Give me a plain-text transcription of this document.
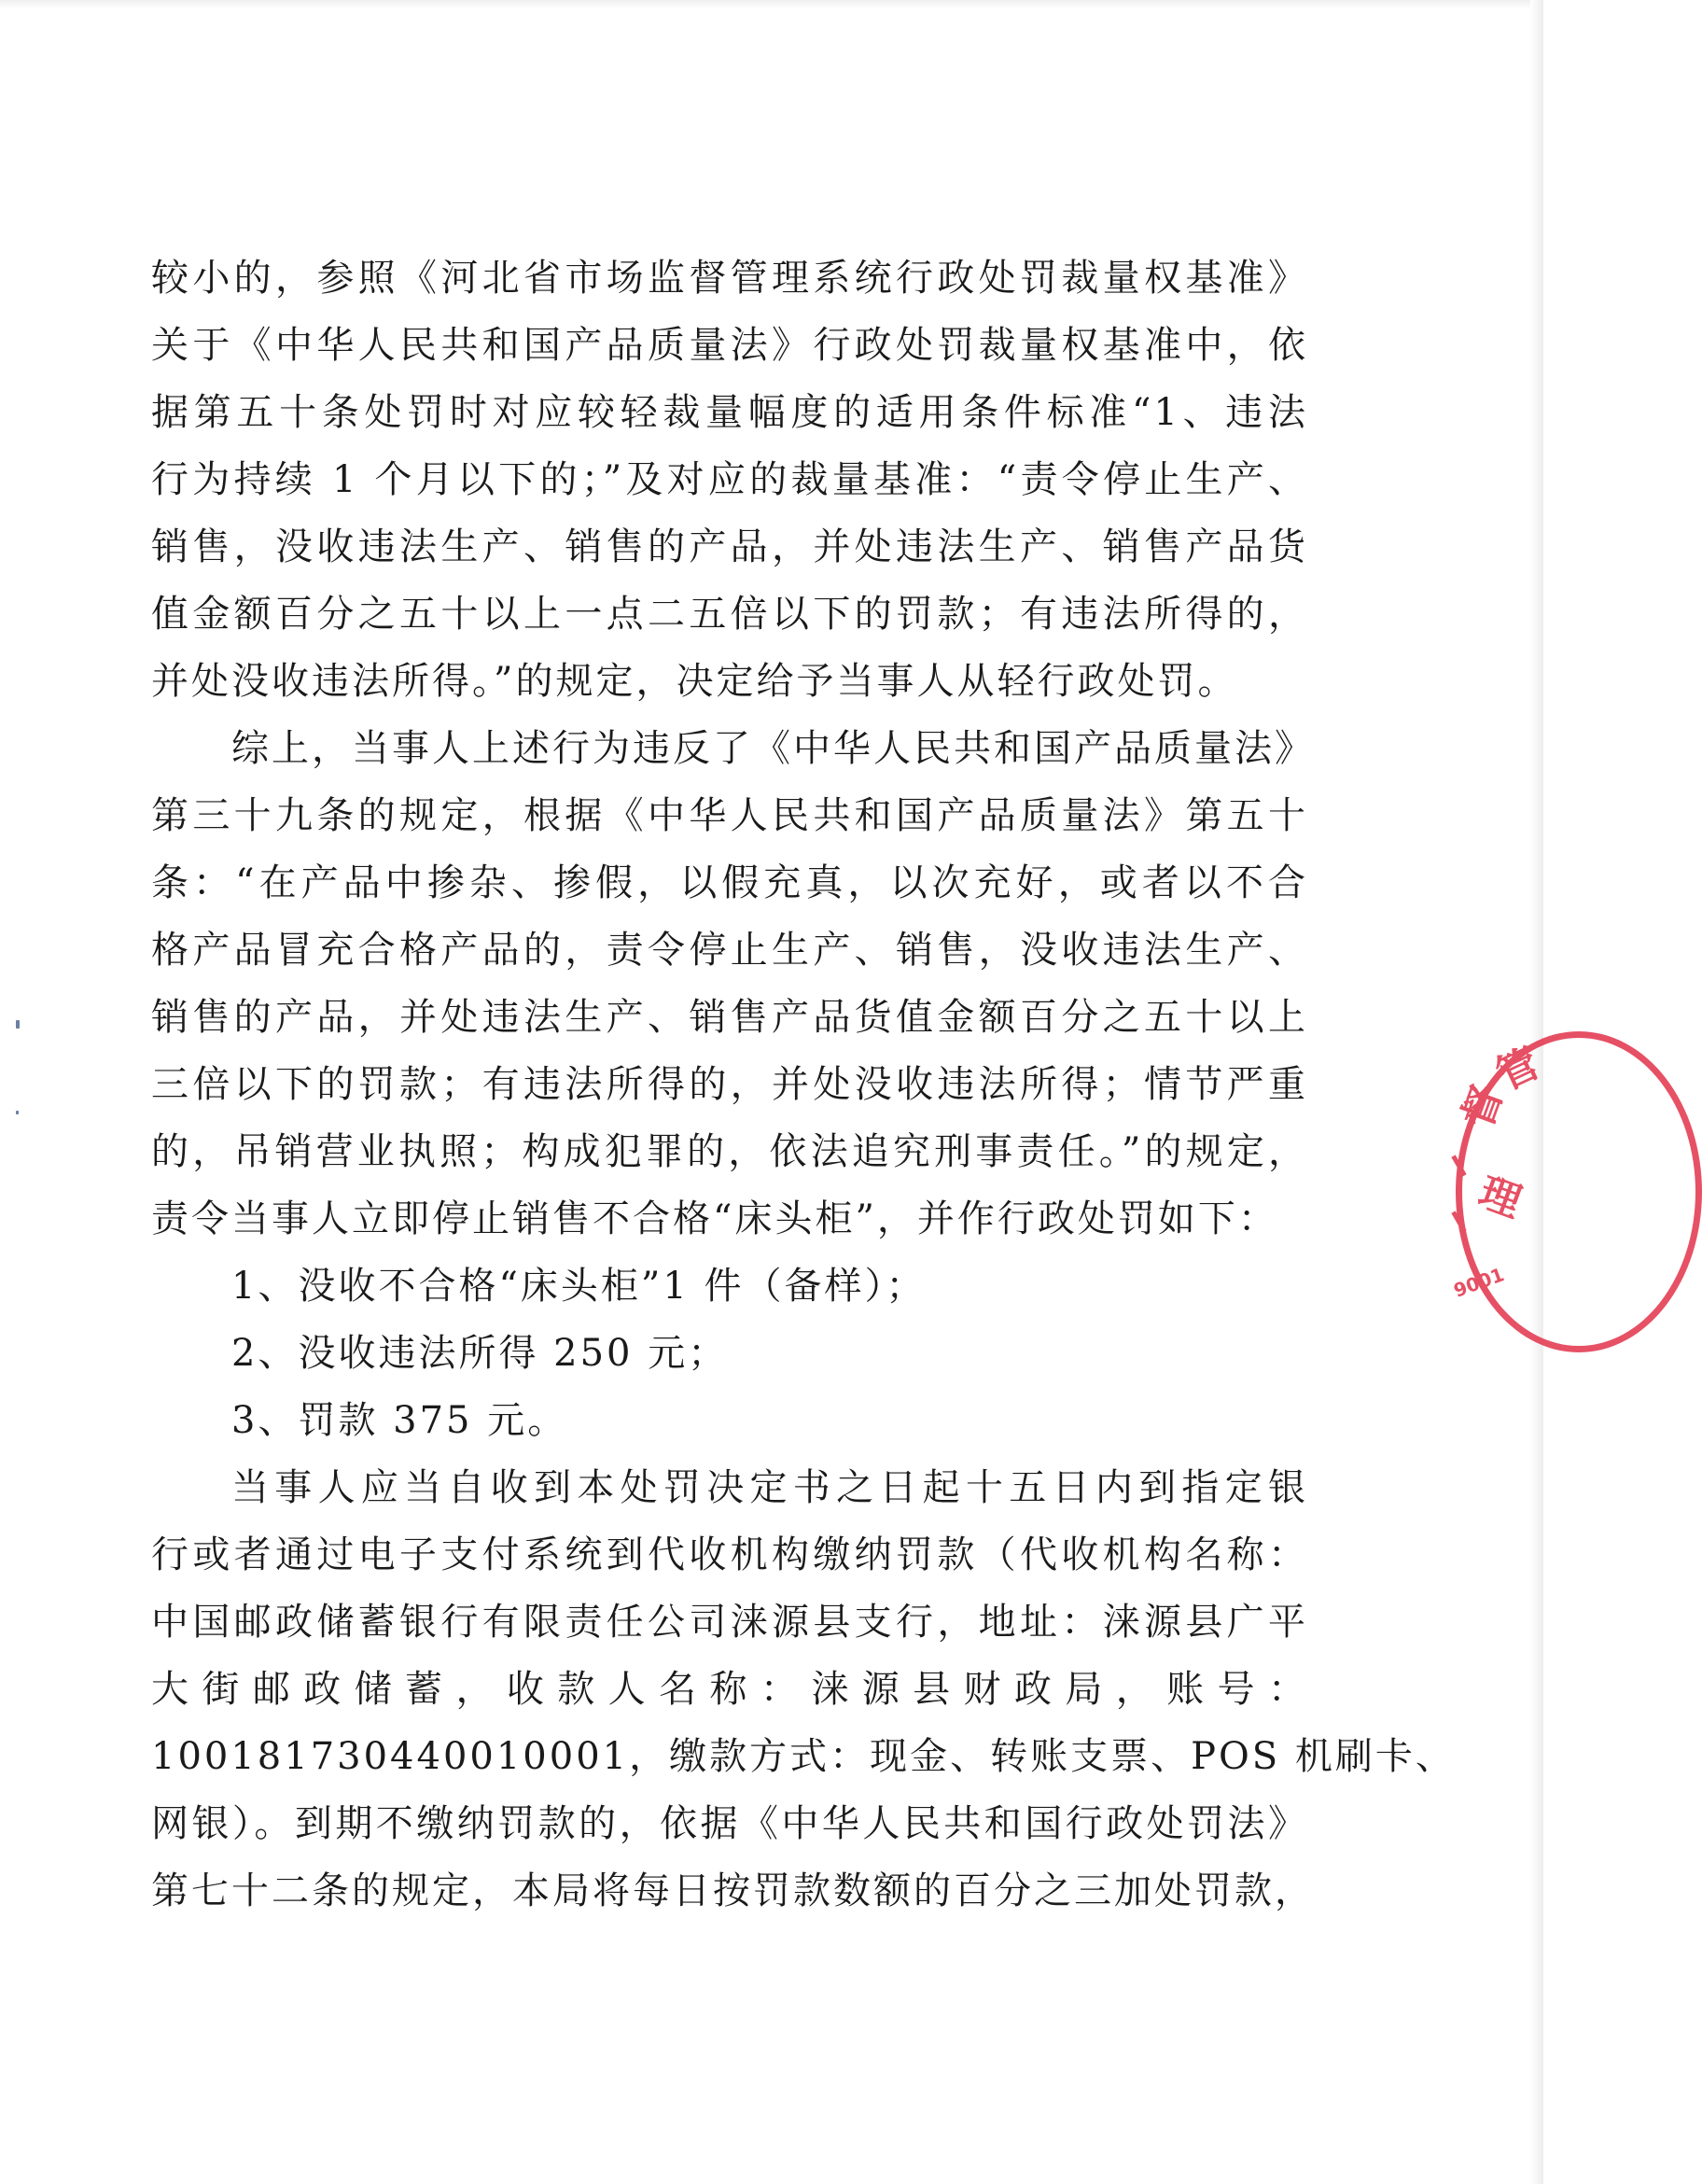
较小的，参照《河北省市场监督管理系统行政处罚裁量权基准》
关于《中华人民共和国产品质量法》行政处罚裁量权基准中，依
据第五十条处罚时对应较轻裁量幅度的适用条件标准“1、违法
行为持续 1 个月以下的；”及对应的裁量基准：“责令停止生产、
销售，没收违法生产、销售的产品，并处违法生产、销售产品货
值金额百分之五十以上一点二五倍以下的罚款；有违法所得的，
并处没收违法所得。”的规定，决定给予当事人从轻行政处罚。
综上，当事人上述行为违反了《中华人民共和国产品质量法》
第三十九条的规定，根据《中华人民共和国产品质量法》第五十
条：“在产品中掺杂、掺假，以假充真，以次充好，或者以不合
格产品冒充合格产品的，责令停止生产、销售，没收违法生产、
销售的产品，并处违法生产、销售产品货值金额百分之五十以上
三倍以下的罚款；有违法所得的，并处没收违法所得；情节严重
的，吊销营业执照；构成犯罪的，依法追究刑事责任。”的规定，
责令当事人立即停止销售不合格“床头柜”，并作行政处罚如下：
1、没收不合格“床头柜”1 件（备样）；
2、没收违法所得 250 元；
3、罚款 375 元。
当事人应当自收到本处罚决定书之日起十五日内到指定银
行或者通过电子支付系统到代收机构缴纳罚款（代收机构名称：
中国邮政储蓄银行有限责任公司涞源县支行，地址：涞源县广平
大街邮政储蓄，收款人名称：涞源县财政局，账号：
100181730440010001，缴款方式：现金、转账支票、POS 机刷卡、
网银）。到期不缴纳罚款的，依据《中华人民共和国行政处罚法》
第七十二条的规定，本局将每日按罚款数额的百分之三加处罚款，
督
管
理
9001
